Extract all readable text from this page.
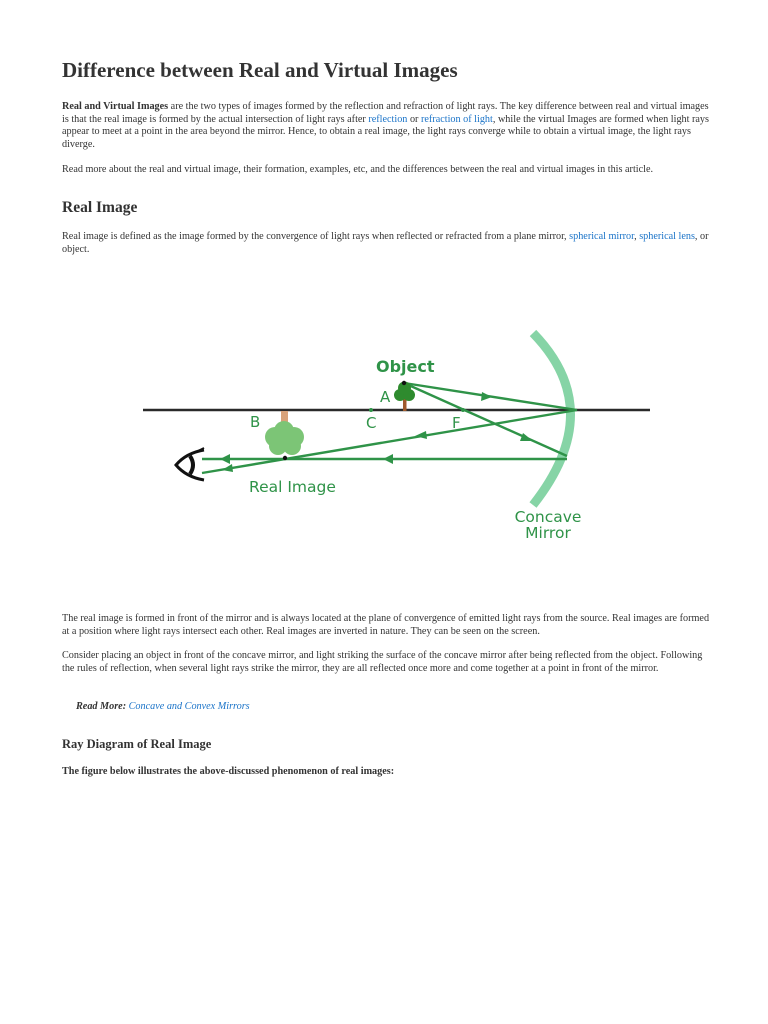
Difference between Real and Virtual Images

Real and Virtual Images are the two types of images formed by the reflection and refraction of light rays. The key difference between real and virtual images is that the real image is formed by the actual intersection of light rays after reflection or refraction of light, while the virtual Images are formed when light rays appear to meet at a point in the area beyond the mirror. Hence, to obtain a real image, the light rays converge while to obtain a virtual image, the light rays diverge.

Read more about the real and virtual image, their formation, examples, etc, and the differences between the real and virtual images in this article.

Real Image

Real image is defined as the image formed by the convergence of light rays when reflected or refracted from a plane mirror, spherical mirror, spherical lens, or object.

Object
A
B	C	F
Real Image
Concave
Mirror

The real image is formed in front of the mirror and is always located at the plane of convergence of emitted light rays from the source. Real images are formed at a position where light rays intersect each other. Real images are inverted in nature. They can be seen on the screen.

Consider placing an object in front of the concave mirror, and light striking the surface of the concave mirror after being reflected from the object. Following the rules of reflection, when several light rays strike the mirror, they are all reflected once more and come together at a point in front of the mirror.

Read More: Concave and Convex Mirrors

Ray Diagram of Real Image

The figure below illustrates the above-discussed phenomenon of real images:
